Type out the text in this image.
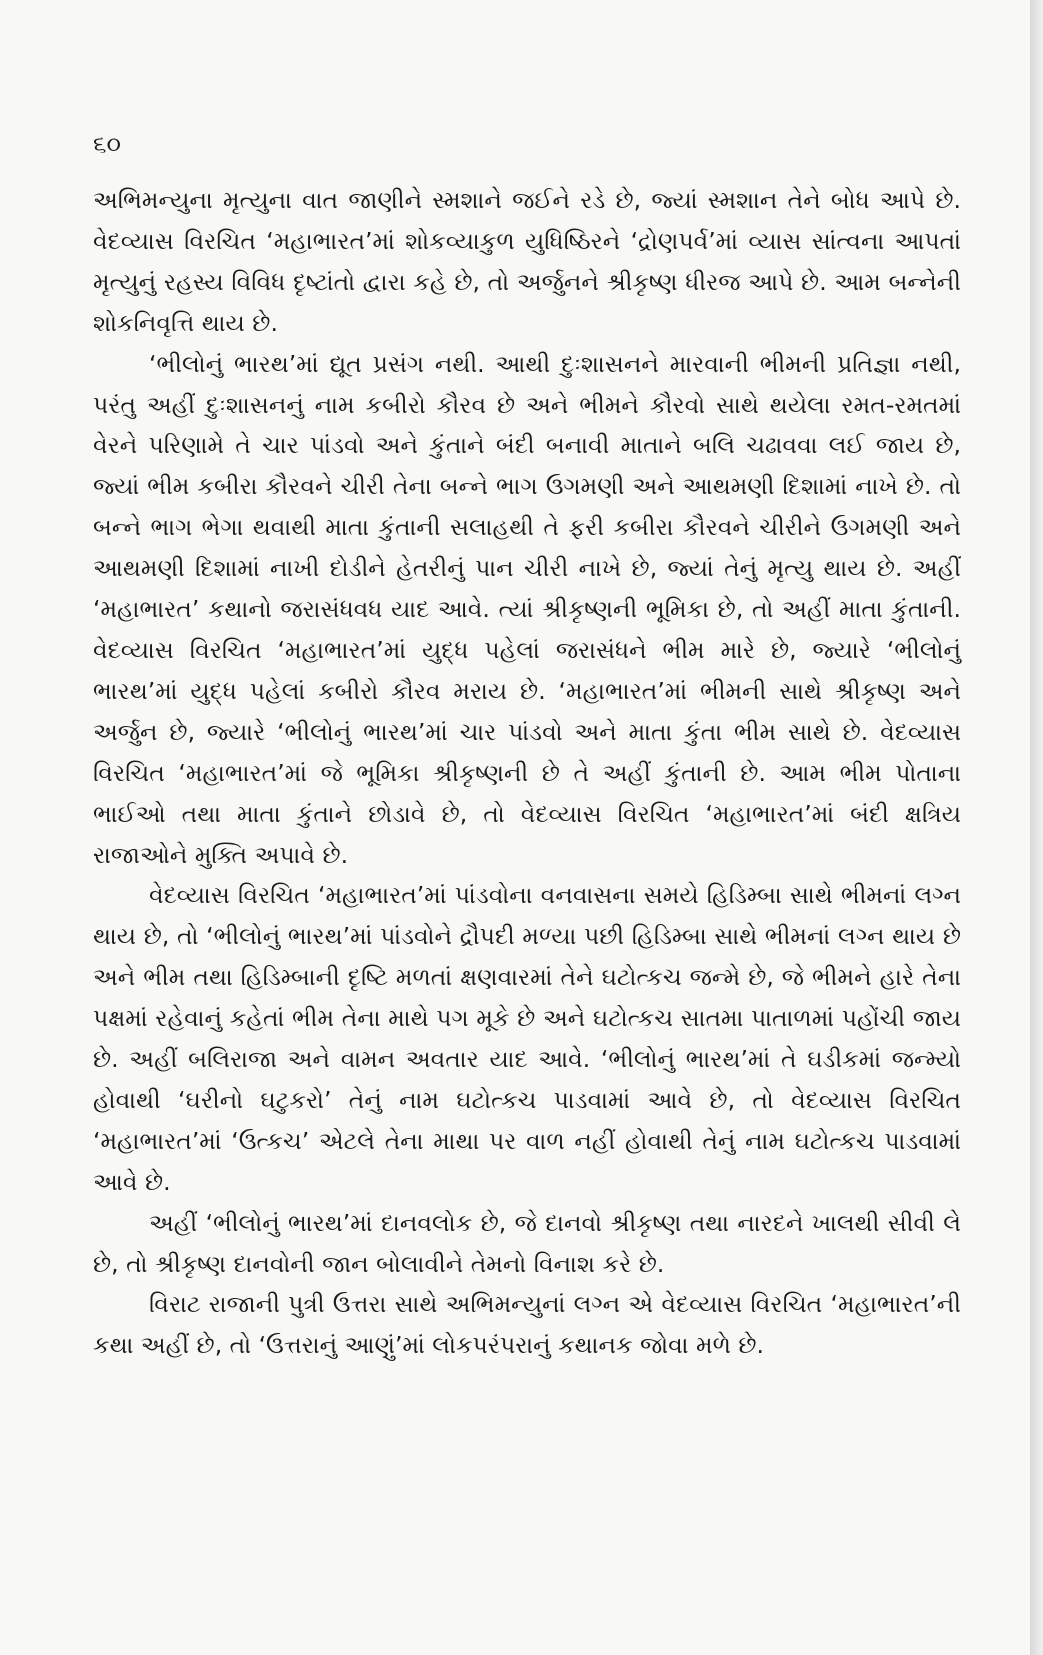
૬૦

અભિમન્યુના મૃત્યુના વાત જાણીને સ્મશાને જઈને રડે છે, જ્યાં સ્મશાન તેને બોધ આપે છે. વેદવ્યાસ વિરચિત ‘મહાભારત’માં શોકવ્યાકુળ યુધિષ્ઠિરને ‘દ્રોણપર્વ’માં વ્યાસ સાંત્વના આપતાં મૃત્યુનું રહસ્ય વિવિધ દૃષ્ટાંતો દ્વારા કહે છે, તો અર્જુનને શ્રીકૃષ્ણ ધીરજ આપે છે. આમ બન્નેની શોકનિવૃત્તિ થાય છે.

‘ભીલોનું ભારથ’માં દ્યૂત પ્રસંગ નથી. આથી દુઃશાસનને મારવાની ભીમની પ્રતિજ્ઞા નથી, પરંતુ અહીં દુઃશાસનનું નામ કબીરો કૌરવ છે અને ભીમને કૌરવો સાથે થયેલા રમત-રમતમાં વેરને પરિણામે તે ચાર પાંડવો અને કુંતાને બંદી બનાવી માતાને બલિ ચઢાવવા લઈ જાય છે, જ્યાં ભીમ કબીરા કૌરવને ચીરી તેના બન્ને ભાગ ઉગમણી અને આથમણી દિશામાં નાખે છે. તો બન્ને ભાગ ભેગા થવાથી માતા કુંતાની સલાહથી તે ફરી કબીરા કૌરવને ચીરીને ઉગમણી અને આથમણી દિશામાં નાખી દોડીને હેતરીનું પાન ચીરી નાખે છે, જ્યાં તેનું મૃત્યુ થાય છે. અહીં ‘મહાભારત’ કથાનો જરાસંધવધ યાદ આવે. ત્યાં શ્રીકૃષ્ણની ભૂમિકા છે, તો અહીં માતા કુંતાની. વેદવ્યાસ વિરચિત ‘મહાભારત’માં યુદ્ધ પહેલાં જરાસંધને ભીમ મારે છે, જ્યારે ‘ભીલોનું ભારથ’માં યુદ્ધ પહેલાં કબીરો કૌરવ મરાય છે. ‘મહાભારત’માં ભીમની સાથે શ્રીકૃષ્ણ અને અર્જુન છે, જ્યારે ‘ભીલોનું ભારથ’માં ચાર પાંડવો અને માતા કુંતા ભીમ સાથે છે. વેદવ્યાસ વિરચિત ‘મહાભારત’માં જે ભૂમિકા શ્રીકૃષ્ણની છે તે અહીં કુંતાની છે. આમ ભીમ પોતાના ભાઈઓ તથા માતા કુંતાને છોડાવે છે, તો વેદવ્યાસ વિરચિત ‘મહાભારત’માં બંદી ક્ષત્રિય રાજાઓને મુક્તિ અપાવે છે.

વેદવ્યાસ વિરચિત ‘મહાભારત’માં પાંડવોના વનવાસના સમયે હિડિમ્બા સાથે ભીમનાં લગ્ન થાય છે, તો ‘ભીલોનું ભારથ’માં પાંડવોને દ્રૌપદી મળ્યા પછી હિડિમ્બા સાથે ભીમનાં લગ્ન થાય છે અને ભીમ તથા હિડિમ્બાની દૃષ્ટિ મળતાં ક્ષણવારમાં તેને ઘટોત્કચ જન્મે છે, જે ભીમને હારે તેના પક્ષમાં રહેવાનું કહેતાં ભીમ તેના માથે પગ મૂકે છે અને ઘટોત્કચ સાતમા પાતાળમાં પહોંચી જાય છે. અહીં બલિરાજા અને વામન અવતાર યાદ આવે. ‘ભીલોનું ભારથ’માં તે ઘડીકમાં જન્મ્યો હોવાથી ‘ઘરીનો ઘટુકરો’ તેનું નામ ઘટોત્કચ પાડવામાં આવે છે, તો વેદવ્યાસ વિરચિત ‘મહાભારત’માં ‘ઉત્કચ’ એટલે તેના માથા પર વાળ નહીં હોવાથી તેનું નામ ઘટોત્કચ પાડવામાં આવે છે.

અહીં ‘ભીલોનું ભારથ’માં દાનવલોક છે, જે દાનવો શ્રીકૃષ્ણ તથા નારદને ખાલથી સીવી લે છે, તો શ્રીકૃષ્ણ દાનવોની જાન બોલાવીને તેમનો વિનાશ કરે છે.

વિરાટ રાજાની પુત્રી ઉત્તરા સાથે અભિમન્યુનાં લગ્ન એ વેદવ્યાસ વિરચિત ‘મહાભારત’ની કથા અહીં છે, તો ‘ઉત્તરાનું આણું’માં લોકપરંપરાનું કથાનક જોવા મળે છે.
